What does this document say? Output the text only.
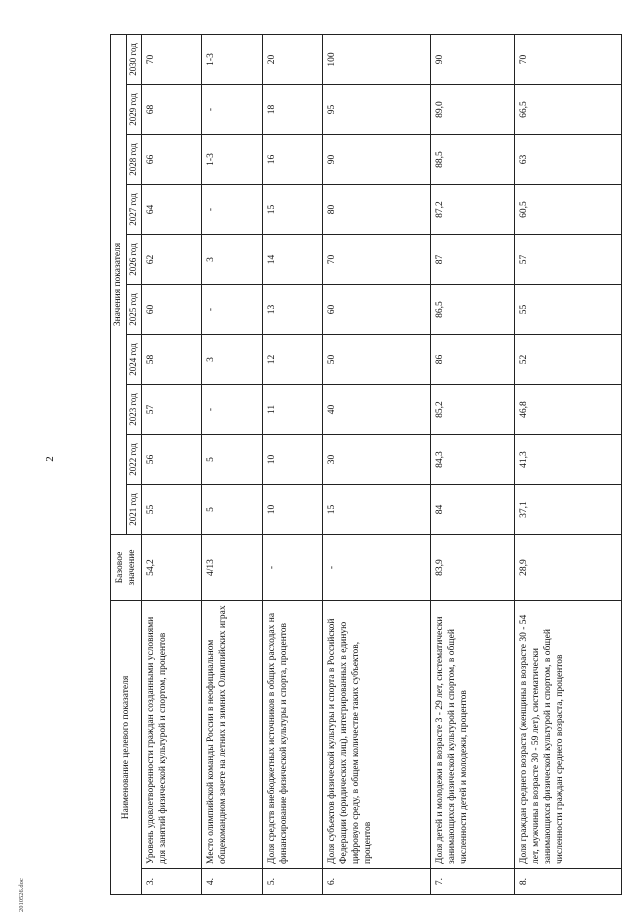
2
2010526.doc
Наименование целевого показателя		Базовое значение	Значения показателя									
			2021 год	2022 год	2023 год	2024 год	2025 год	2026 год	2027 год	2028 год	2029 год	2030 год
3.	Уровень удовлетворенности граждан созданными условиями для занятий физической культурой и спортом, процентов	54,2	55	56	57	58	60	62	64	66	68	70
4.	Место олимпийской команды России в неофициальном общекомандном зачете на летних и зимних Олимпийских играх	4/13	5	5	-	3	-	3	-	1-3	-	1-3
5.	Доля средств внебюджетных источников в общих расходах на финансирование физической культуры и спорта, процентов	-	10	10	11	12	13	14	15	16	18	20
6.	Доля субъектов физической культуры и спорта в Российской Федерации (юридических лиц), интегрированных в единую цифровую среду, в общем количестве таких субъектов, процентов	-	15	30	40	50	60	70	80	90	95	100
7.	Доля детей и молодежи в возрасте 3 - 29 лет, систематически занимающихся физической культурой и спортом, в общей численности детей и молодежи, процентов	83,9	84	84,3	85,2	86	86,5	87	87,2	88,5	89,0	90
8.	Доля граждан среднего возраста (женщины в возрасте 30 - 54 лет, мужчины в возрасте 30 - 59 лет), систематически занимающихся физической культурой и спортом, в общей численности граждан среднего возраста, процентов	28,9	37,1	41,3	46,8	52	55	57	60,5	63	66,5	70
